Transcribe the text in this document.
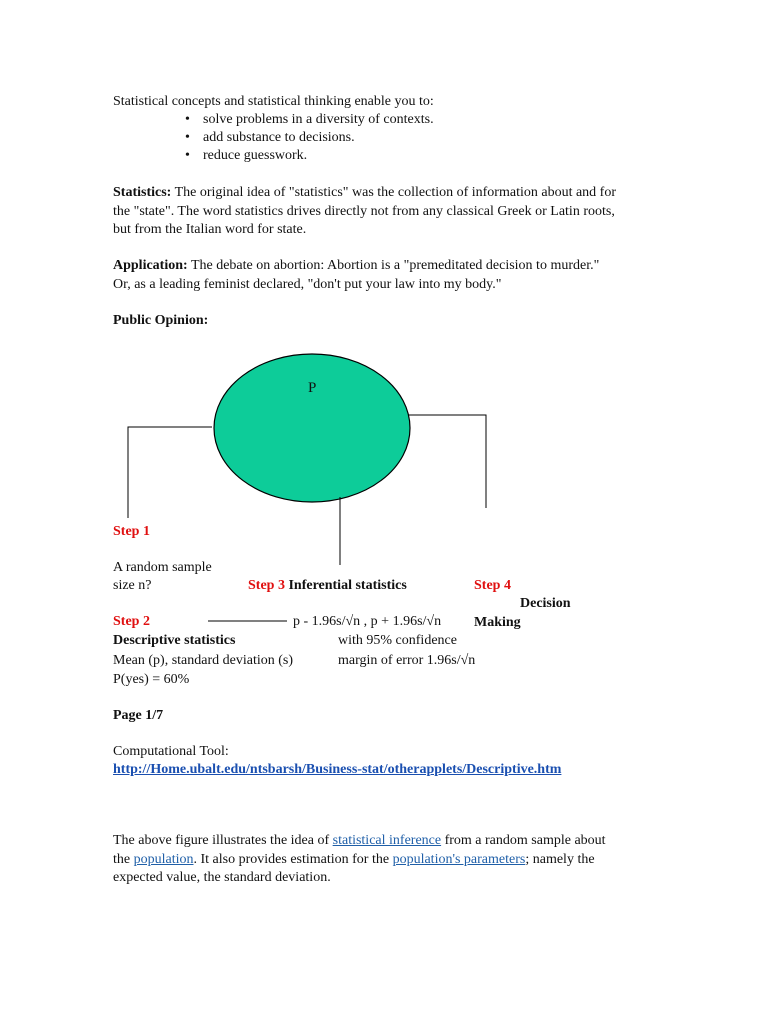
Statistical concepts and statistical thinking enable you to:
• solve problems in a diversity of contexts.
• add substance to decisions.
• reduce guesswork.
Statistics: The original idea of "statistics" was the collection of information about and for
the "state". The word statistics drives directly not from any classical Greek or Latin roots,
but from the Italian word for state.
Application: The debate on abortion: Abortion is a "premeditated decision to murder."
Or, as a leading feminist declared, "don't put your law into my body."
Public Opinion:
P
Step 1
A random sample
size n?	Step 3 Inferential statistics
p - 1.96s/√n , p + 1.96s/√n
with 95% confidence
margin of error 1.96s/√n
Step 4
Decision
Making
Step 2
Descriptive statistics
Mean (p), standard deviation (s)
P(yes) = 60%
Page 1/7
Computational Tool:
http://Home.ubalt.edu/ntsbarsh/Business-stat/otherapplets/Descriptive.htm
The above figure illustrates the idea of statistical inference from a random sample about
the population. It also provides estimation for the population's parameters; namely the
expected value, the standard deviation.
